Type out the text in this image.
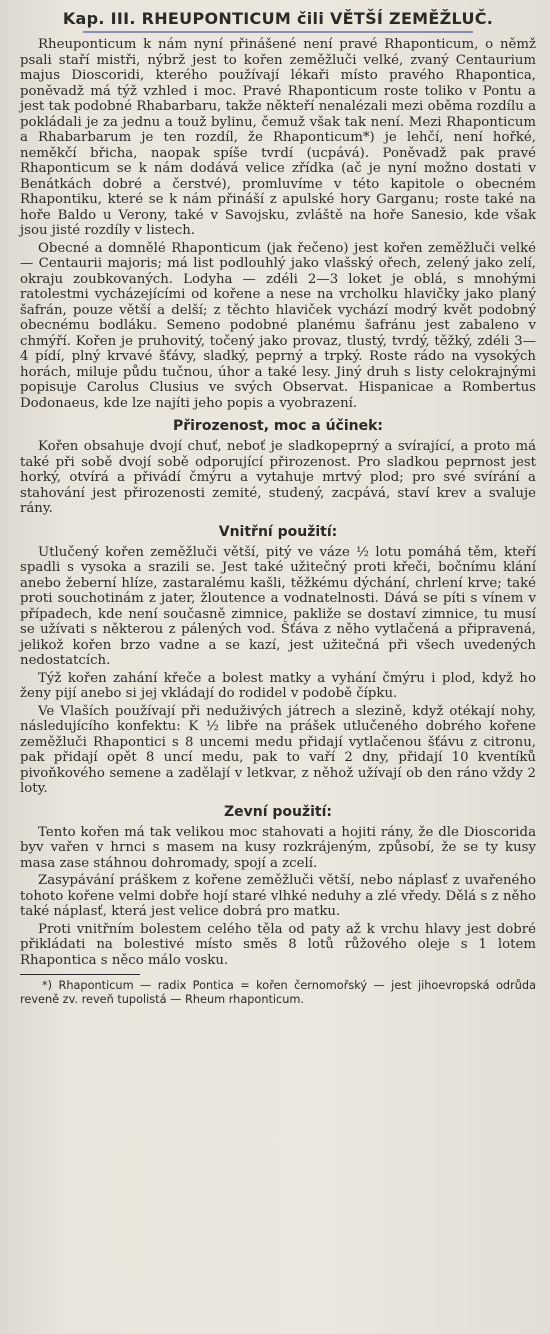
Kap. III. RHEUPONTICUM čili VĚTŠÍ ZEMĚŽLUČ.

Rheuponticum k nám nyní přinášené není pravé Rhaponticum, o němž psali staří mistři, nýbrž jest to kořen zeměžluči velké, zvaný Centaurium majus Dioscoridi, kterého používají lékaři místo pravého Rhaponticа, poněvadž má týž vzhled i moc. Pravé Rhaponticum roste toliko v Pontu a jest tak podobné Rhabarbaru, takže někteří nenalézali mezi oběma rozdílu a pokládali je za jednu a touž bylinu, čemuž však tak není. Mezi Rhaponticum a Rhabarbarum je ten rozdíl, že Rhaponticum*) je lehčí, není hořké, neměkčí břicha, naopak spíše tvrdí (ucpává). Poněvadž pak pravé Rhaponticum se k nám dodává velice zřídka (ač je nyní možno dostati v Benátkách dobré a čerstvé), promluvíme v této kapitole o obecném Rhapontiku, které se k nám přináší z apulské hory Garganu; roste také na hoře Baldo u Verony, také v Savojsku, zvláště na hoře Sanesio, kde však jsou jisté rozdíly v listech.

Obecné a domnělé Rhaponticum (jak řečeno) jest kořen zeměžluči velké — Centaurii majoris; má list podlouhlý jako vlašský ořech, zelený jako zelí, okraju zoubkovaných. Lodyha — zdéli 2—3 loket je oblá, s mnohými ratolestmi vycházejícími od kořene a nese na vrcholku hlavičky jako planý šafrán, pouze větší a delší; z těchto hlaviček vychází modrý květ podobný obecnému bodláku. Semeno podobné planému šafránu jest zabaleno v chmýří. Kořen je pruhovitý, točený jako provaz, tlustý, tvrdý, těžký, zdéli 3—4 pídí, plný krvavé šťávy, sladký, peprný a trpký. Roste rádo na vysokých horách, miluje půdu tučnou, úhor a také lesy. Jiný druh s listy celokrajnými popisuje Carolus Clusius ve svých Observat. Hispanicae a Rombertus Dodonaeus, kde lze najíti jeho popis a vyobrazení.

Přirozenost, moc a účinek:

Kořen obsahuje dvojí chuť, neboť je sladkopeprný a svírající, a proto má také při sobě dvojí sobě odporující přirozenost. Pro sladkou peprnost jest horký, otvírá a přivádí čmýru a vytahuje mrtvý plod; pro své svírání a stahování jest přirozenosti zemité, studený, zacpává, staví krev a svaluje rány.

Vnitřní použití:

Utlučený kořen zeměžluči větší, pitý ve váze ½ lotu pomáhá těm, kteří spadli s vysoka a srazili se. Jest také užitečný proti křeči, bočnímu klání anebo žeberní hlíze, zastaralému kašli, těžkému dýchání, chrlení krve; také proti souchotinám z jater, žloutence a vodnatelnosti. Dává se píti s vínem v případech, kde není současně zimnice, pakliže se dostaví zimnice, tu musí se užívati s některou z pálených vod. Šťáva z něho vytlačená a připravená, jelikož kořen brzo vadne a se kazí, jest užitečná při všech uvedených nedostatcích.

Týž kořen zahání křeče a bolest matky a vyhání čmýru i plod, když ho ženy pijí anebo si jej vkládají do rodidel v podobě čípku.

Ve Vlaších používají při neduživých játrech a slezině, když otékají nohy, následujícího konfektu: K ½ libře na prášek utlučeného dobrého kořene zeměžluči Rhapontici s 8 uncemi medu přidají vytlačenou šťávu z citronu, pak přidají opět 8 uncí medu, pak to vaří 2 dny, přidají 10 kventíků pivoňkového semene a zadělají v letkvar, z něhož užívají ob den ráno vždy 2 loty.

Zevní použití:

Tento kořen má tak velikou moc stahovati a hojiti rány, že dle Dioscorida byv vařen v hrnci s masem na kusy rozkrájeným, způsobí, že se ty kusy masa zase stáhnou dohromady, spojí a zcelí.

Zasypávání práškem z kořene zeměžluči větší, nebo náplasť z uvařeného tohoto kořene velmi dobře hojí staré vlhké neduhy a zlé vředy. Dělá s z něho také náplasť, která jest velice dobrá pro matku.

Proti vnitřním bolestem celého těla od paty až k vrchu hlavy jest dobré přikládati na bolestivé místo směs 8 lotů růžového oleje s 1 lotem Rhapontica s něco málo vosku.

*) Rhaponticum — radix Pontica = kořen černomořský — jest jihoevropská odrůda reveně zv. reveň tupolistá — Rheum rhaponticum.
